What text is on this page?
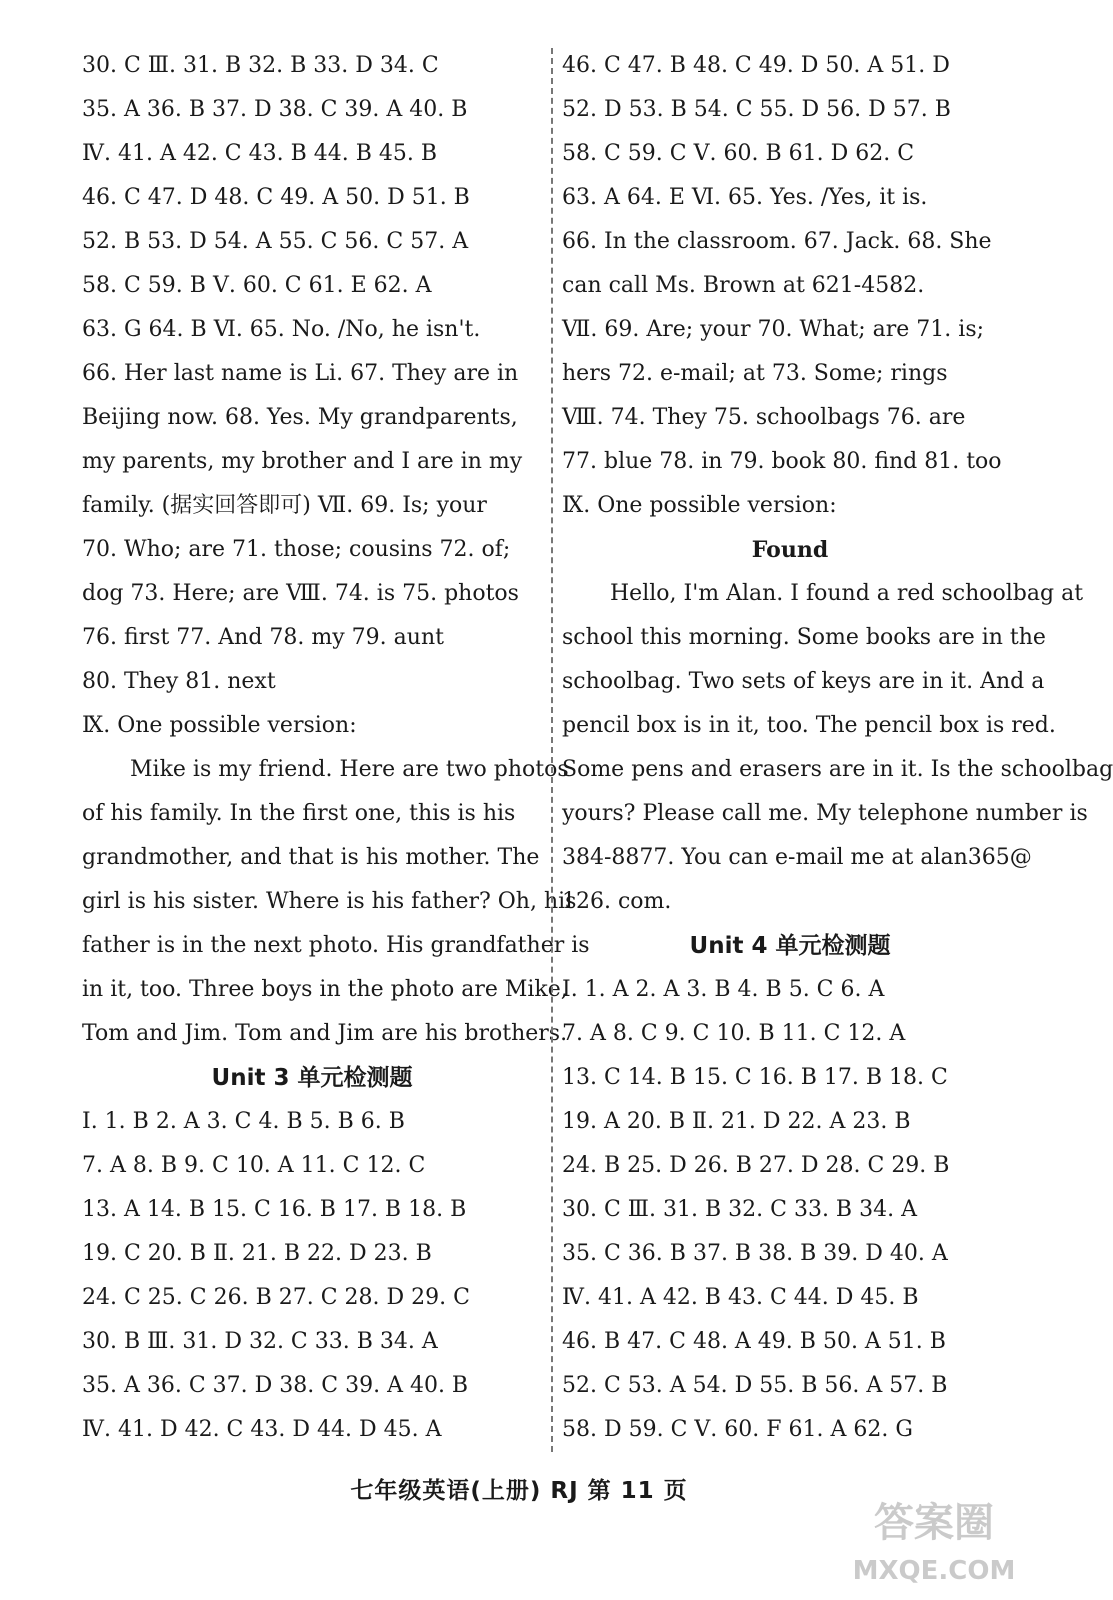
30. C Ⅲ. 31. B 32. B 33. D 34. C
35. A 36. B 37. D 38. C 39. A 40. B
Ⅳ. 41. A 42. C 43. B 44. B 45. B
46. C 47. D 48. C 49. A 50. D 51. B
52. B 53. D 54. A 55. C 56. C 57. A
58. C 59. B Ⅴ. 60. C 61. E 62. A
63. G 64. B Ⅵ. 65. No. /No, he isn't.
66. Her last name is Li. 67. They are in
Beijing now. 68. Yes. My grandparents,
my parents, my brother and I are in my
family. (据实回答即可) Ⅶ. 69. Is; your
70. Who; are 71. those; cousins 72. of;
dog 73. Here; are Ⅷ. 74. is 75. photos
76. first 77. And 78. my 79. aunt
80. They 81. next
Ⅸ. One possible version:
Mike is my friend. Here are two photos
of his family. In the first one, this is his
grandmother, and that is his mother. The
girl is his sister. Where is his father? Oh, his
father is in the next photo. His grandfather is
in it, too. Three boys in the photo are Mike,
Tom and Jim. Tom and Jim are his brothers.
Unit 3 单元检测题
Ⅰ. 1. B 2. A 3. C 4. B 5. B 6. B
7. A 8. B 9. C 10. A 11. C 12. C
13. A 14. B 15. C 16. B 17. B 18. B
19. C 20. B Ⅱ. 21. B 22. D 23. B
24. C 25. C 26. B 27. C 28. D 29. C
30. B Ⅲ. 31. D 32. C 33. B 34. A
35. A 36. C 37. D 38. C 39. A 40. B
Ⅳ. 41. D 42. C 43. D 44. D 45. A
46. C 47. B 48. C 49. D 50. A 51. D
52. D 53. B 54. C 55. D 56. D 57. B
58. C 59. C Ⅴ. 60. B 61. D 62. C
63. A 64. E Ⅵ. 65. Yes. /Yes, it is.
66. In the classroom. 67. Jack. 68. She
can call Ms. Brown at 621-4582.
Ⅶ. 69. Are; your 70. What; are 71. is;
hers 72. e-mail; at 73. Some; rings
Ⅷ. 74. They 75. schoolbags 76. are
77. blue 78. in 79. book 80. find 81. too
Ⅸ. One possible version:
Found
Hello, I'm Alan. I found a red schoolbag at
school this morning. Some books are in the
schoolbag. Two sets of keys are in it. And a
pencil box is in it, too. The pencil box is red.
Some pens and erasers are in it. Is the schoolbag
yours? Please call me. My telephone number is
384-8877. You can e-mail me at alan365@
126. com.
Unit 4 单元检测题
Ⅰ. 1. A 2. A 3. B 4. B 5. C 6. A
7. A 8. C 9. C 10. B 11. C 12. A
13. C 14. B 15. C 16. B 17. B 18. C
19. A 20. B Ⅱ. 21. D 22. A 23. B
24. B 25. D 26. B 27. D 28. C 29. B
30. C Ⅲ. 31. B 32. C 33. B 34. A
35. C 36. B 37. B 38. B 39. D 40. A
Ⅳ. 41. A 42. B 43. C 44. D 45. B
46. B 47. C 48. A 49. B 50. A 51. B
52. C 53. A 54. D 55. B 56. A 57. B
58. D 59. C Ⅴ. 60. F 61. A 62. G
七年级英语(上册) RJ 第 11 页
答案圈
MXQE.COM
